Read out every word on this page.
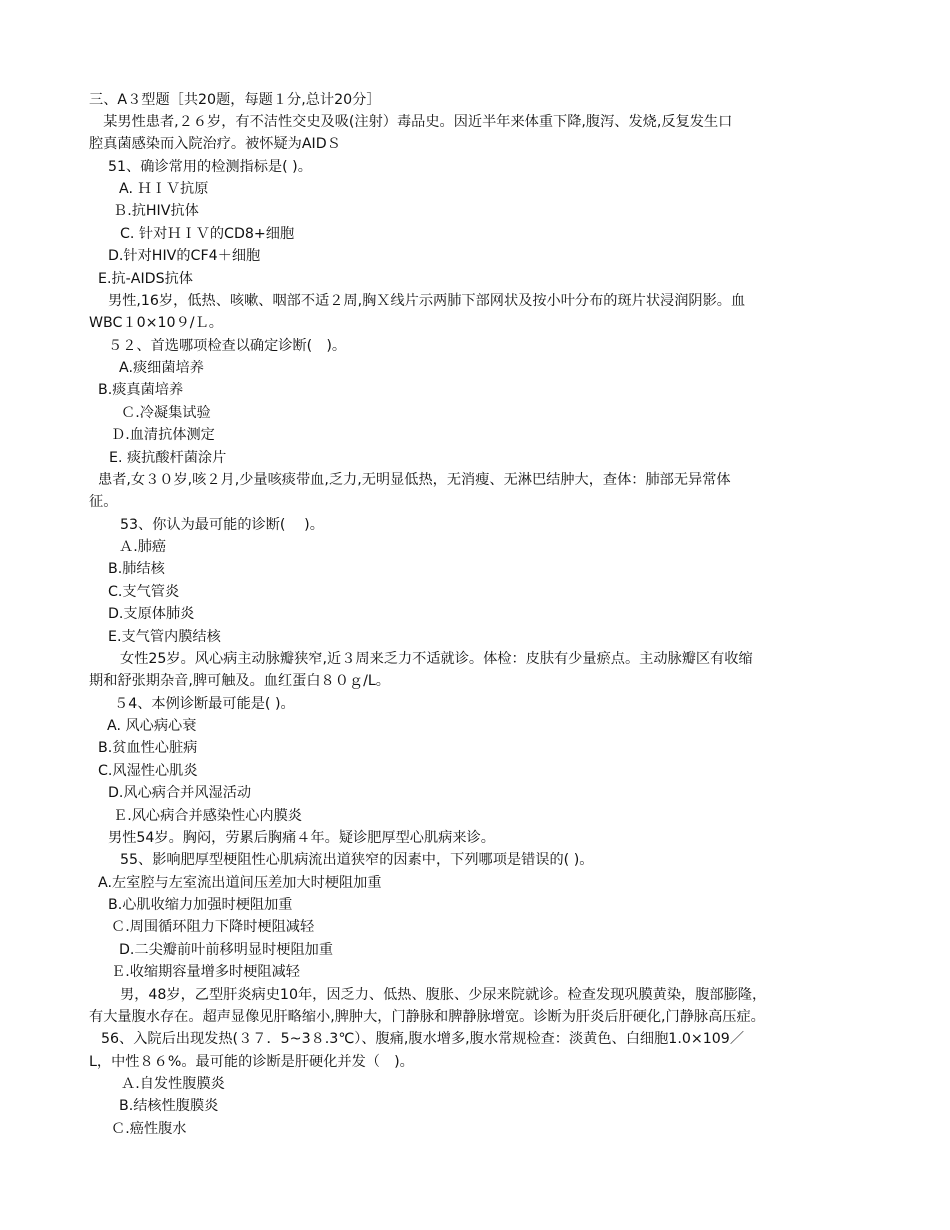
三、A３型题［共20题，每题１分,总计20分］
　某男性患者,２６岁，有不洁性交史及吸(注射）毒品史。因近半年来体重下降,腹泻、发烧,反复发生口
腔真菌感染而入院治疗。被怀疑为AIDＳ
51、确诊常用的检测指标是( )。
A. ＨＩＶ抗原
Ｂ.抗HIV抗体
C. 针对ＨＩＶ的CD8+细胞
D.针对HIV的CF4＋细胞
E.抗-AIDS抗体
男性,16岁，低热、咳嗽、咽部不适２周,胸Ｘ线片示两肺下部网状及按小叶分布的斑片状浸润阴影。血
WBC１0×10９/Ｌ。
５２、首选哪项检查以确定诊断(　)。
A.痰细菌培养
B.痰真菌培养
Ｃ.冷凝集试验
Ｄ.血清抗体测定
E. 痰抗酸杆菌涂片
患者,女３０岁,咳２月,少量咳痰带血,乏力,无明显低热，无消瘦、无淋巴结肿大，查体：肺部无异常体
征。
53、你认为最可能的诊断(　 )。
Ａ.肺癌
B.肺结核
C.支气管炎
D.支原体肺炎
E.支气管内膜结核
女性25岁。风心病主动脉瓣狭窄,近３周来乏力不适就诊。体检：皮肤有少量瘀点。主动脉瓣区有收缩
期和舒张期杂音,脾可触及。血红蛋白８０ｇ/L。
５4、本例诊断最可能是( )。
A. 风心病心衰
B.贫血性心脏病
C.风湿性心肌炎
D.风心病合并风湿活动
Ｅ.风心病合并感染性心内膜炎
男性54岁。胸闷，劳累后胸痛４年。疑诊肥厚型心肌病来诊。
55、影响肥厚型梗阻性心肌病流出道狭窄的因素中，下列哪项是错误的( )。
A.左室腔与左室流出道间压差加大时梗阻加重
B.心肌收缩力加强时梗阻加重
Ｃ.周围循环阻力下降时梗阻减轻
D.二尖瓣前叶前移明显时梗阻加重
Ｅ.收缩期容量增多时梗阻减轻
男，48岁，乙型肝炎病史10年，因乏力、低热、腹胀、少尿来院就诊。检查发现巩膜黄染，腹部膨隆，
有大量腹水存在。超声显像见肝略缩小,脾肿大，门静脉和脾静脉增宽。诊断为肝炎后肝硬化,门静脉高压症。
56、入院后出现发热(３７．5~3８.3℃）、腹痛,腹水增多,腹水常规检查：淡黄色、白细胞1.0×109／
L，中性８６%。最可能的诊断是肝硬化并发（　)。
Ａ.自发性腹膜炎
B.结核性腹膜炎
Ｃ.癌性腹水
